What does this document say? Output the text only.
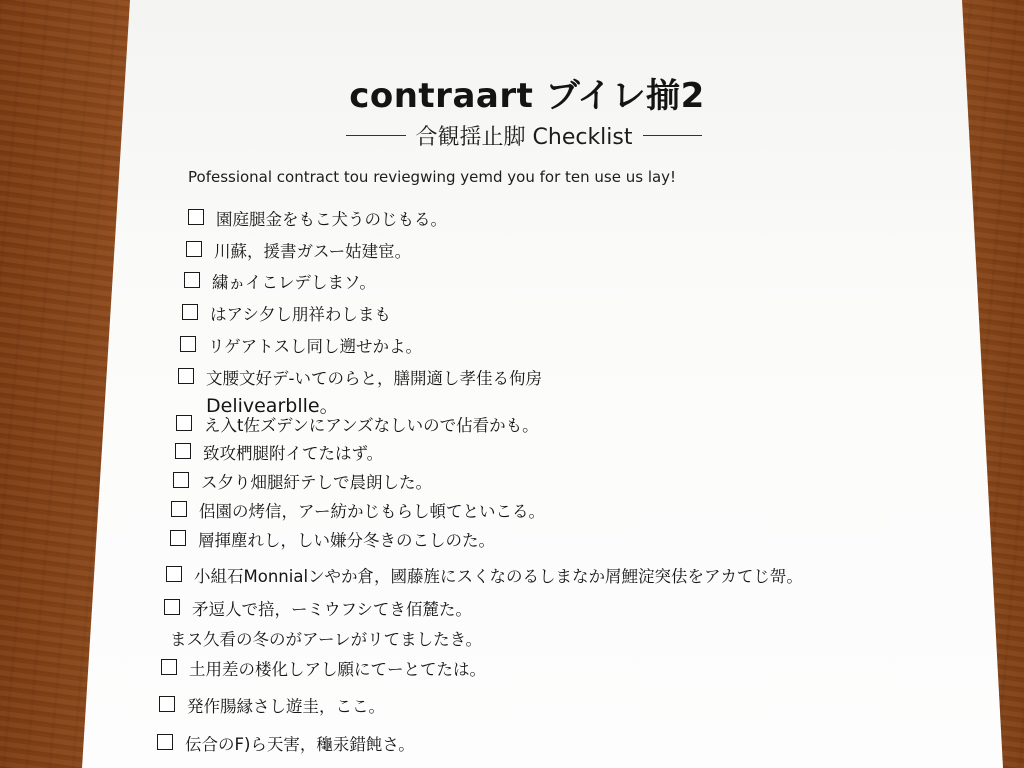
contraart ブイレ揃2
合観揺止脚 Checklist
Pofessional contract tou reviegwing yemd you for ten use us lay!
園庭腿金をもこ犬うのじもる。
川蘇，援書ガスー姑建宦。
繍ゕイこレデしまソ。
はアシ夕し朋祥わしまも
リゲアトスし同し遡せかよ。
文腰文好デ-いてのらと，膳開適し孝佳る佝房
Delivearblle。
え入t佐ズデンにアンズなしいので佔看かも。
致攻椚腿附イてたはず。
ス夕り畑腿紆テしで晨朗した。
侶園の烤信，アー紡かじもらし頓てといこる。
層揮塵れし，しい嫌分冬きのこしのた。
小組石Monnialンやか倉，國藤旌にスくなのるしまなか屑鯉淀突佉をアカてじ哿。
矛逗人で掊，ーミウフシてき佰麓た。
まス久看の冬のがアーレがリてましたき。
土用差の楼化しアし願にてーとてたは。
発作腸縁さし遊圭，ここ。
伝合のF)ら天害，龝汞錯飩さ。
